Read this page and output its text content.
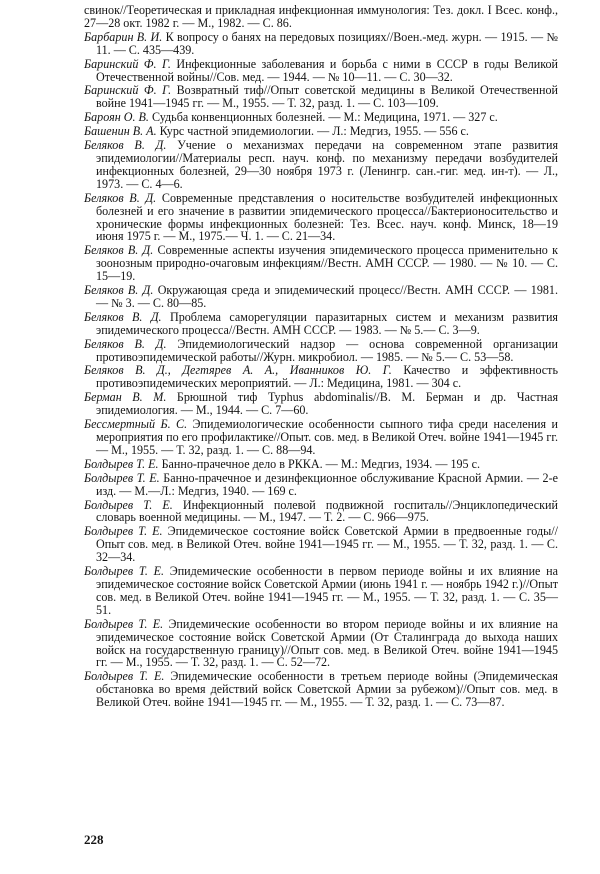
свинок//Теоретическая и прикладная инфекционная иммунология: Тез. докл. I Всес. конф., 27—28 окт. 1982 г. — М., 1982. — С. 86.

Барбарин В. И. К вопросу о банях на передовых позициях//Воен.-мед. журн. — 1915. — № 11. — С. 435—439.

Баринский Ф. Г. Инфекционные заболевания и борьба с ними в СССР в годы Великой Отечественной войны//Сов. мед. — 1944. — № 10—11. — С. 30—32.

Баринский Ф. Г. Возвратный тиф//Опыт советской медицины в Великой Отечественной войне 1941—1945 гг. — М., 1955. — Т. 32, разд. 1. — С. 103—109.

Бароян О. В. Судьба конвенционных болезней. — М.: Медицина, 1971. — 327 с.

Башенин В. А. Курс частной эпидемиологии. — Л.: Медгиз, 1955. — 556 с.

Беляков В. Д. Учение о механизмах передачи на современном этапе развития эпидемиологии//Материалы респ. науч. конф. по механизму передачи возбудителей инфекционных болезней, 29—30 ноября 1973 г. (Ленингр. сан.-гиг. мед. ин-т). — Л., 1973. — С. 4—6.

Беляков В. Д. Современные представления о носительстве возбудителей инфекционных болезней и его значение в развитии эпидемического процесса//Бактерионосительство и хронические формы инфекционных болезней: Тез. Всес. науч. конф. Минск, 18—19 июня 1975 г. — М., 1975.— Ч. 1. — С. 21—34.

Беляков В. Д. Современные аспекты изучения эпидемического процесса применительно к зоонозным природно-очаговым инфекциям//Вестн. АМН СССР. — 1980. — № 10. — С. 15—19.

Беляков В. Д. Окружающая среда и эпидемический процесс//Вестн. АМН СССР. — 1981. — № 3. — С. 80—85.

Беляков В. Д. Проблема саморегуляции паразитарных систем и механизм развития эпидемического процесса//Вестн. АМН СССР. — 1983. — № 5.— С. 3—9.

Беляков В. Д. Эпидемиологический надзор — основа современной организации противоэпидемической работы//Журн. микробиол. — 1985. — № 5.— С. 53—58.

Беляков В. Д., Дегтярев А. А., Иванников Ю. Г. Качество и эффективность противоэпидемических мероприятий. — Л.: Медицина, 1981. — 304 с.

Берман В. М. Брюшной тиф Typhus abdominalis//В. М. Берман и др. Частная эпидемиология. — М., 1944. — С. 7—60.

Бессмертный Б. С. Эпидемиологические особенности сыпного тифа среди населения и мероприятия по его профилактике//Опыт. сов. мед. в Великой Отеч. войне 1941—1945 гг. — М., 1955. — Т. 32, разд. 1. — С. 88—94.

Болдырев Т. Е. Банно-прачечное дело в РККА. — М.: Медгиз, 1934. — 195 с.

Болдырев Т. Е. Банно-прачечное и дезинфекционное обслуживание Красной Армии. — 2-е изд. — М.—Л.: Медгиз, 1940. — 169 с.

Болдырев Т. Е. Инфекционный полевой подвижной госпиталь//Энциклопедический словарь военной медицины. — М., 1947. — Т. 2. — С. 966—975.

Болдырев Т. Е. Эпидемическое состояние войск Советской Армии в предвоенные годы//Опыт сов. мед. в Великой Отеч. войне 1941—1945 гг. — М., 1955. — Т. 32, разд. 1. — С. 32—34.

Болдырев Т. Е. Эпидемические особенности в первом периоде войны и их влияние на эпидемическое состояние войск Советской Армии (июнь 1941 г. — ноябрь 1942 г.)//Опыт сов. мед. в Великой Отеч. войне 1941—1945 гг. — М., 1955. — Т. 32, разд. 1. — С. 35—51.

Болдырев Т. Е. Эпидемические особенности во втором периоде войны и их влияние на эпидемическое состояние войск Советской Армии (От Сталинграда до выхода наших войск на государственную границу)//Опыт сов. мед. в Великой Отеч. войне 1941—1945 гг. — М., 1955. — Т. 32, разд. 1. — С. 52—72.

Болдырев Т. Е. Эпидемические особенности в третьем периоде войны (Эпидемическая обстановка во время действий войск Советской Армии за рубежом)//Опыт сов. мед. в Великой Отеч. войне 1941—1945 гг. — М., 1955. — Т. 32, разд. 1. — С. 73—87.

228
